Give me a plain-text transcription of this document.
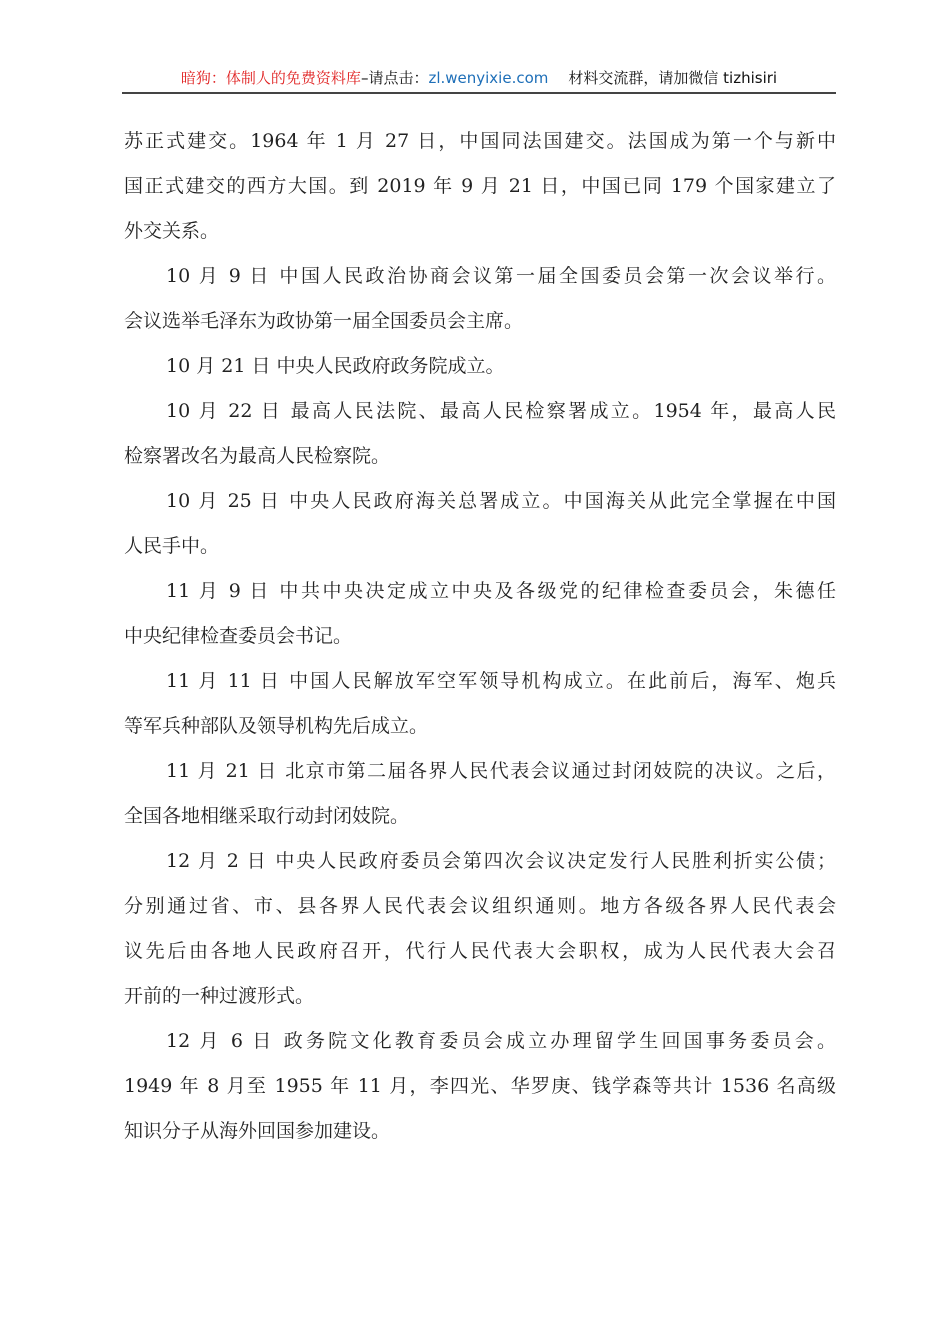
暗狗：体制人的免费资料库–请点击：zl.wenyixie.com 材料交流群，请加微信 tizhisiri
苏正式建交。1964 年 1 月 27 日，中国同法国建交。法国成为第一个与新中
国正式建交的西方大国。到 2019 年 9 月 21 日，中国已同 179 个国家建立了
外交关系。
10 月 9 日 中国人民政治协商会议第一届全国委员会第一次会议举行。
会议选举毛泽东为政协第一届全国委员会主席。
10 月 21 日 中央人民政府政务院成立。
10 月 22 日 最高人民法院、最高人民检察署成立。1954 年，最高人民
检察署改名为最高人民检察院。
10 月 25 日 中央人民政府海关总署成立。中国海关从此完全掌握在中国
人民手中。
11 月 9 日 中共中央决定成立中央及各级党的纪律检查委员会，朱德任
中央纪律检查委员会书记。
11 月 11 日 中国人民解放军空军领导机构成立。在此前后，海军、炮兵
等军兵种部队及领导机构先后成立。
11 月 21 日 北京市第二届各界人民代表会议通过封闭妓院的决议。之后，
全国各地相继采取行动封闭妓院。
12 月 2 日 中央人民政府委员会第四次会议决定发行人民胜利折实公债；
分别通过省、市、县各界人民代表会议组织通则。地方各级各界人民代表会
议先后由各地人民政府召开，代行人民代表大会职权，成为人民代表大会召
开前的一种过渡形式。
12 月 6 日 政务院文化教育委员会成立办理留学生回国事务委员会。
1949 年 8 月至 1955 年 11 月，李四光、华罗庚、钱学森等共计 1536 名高级
知识分子从海外回国参加建设。
